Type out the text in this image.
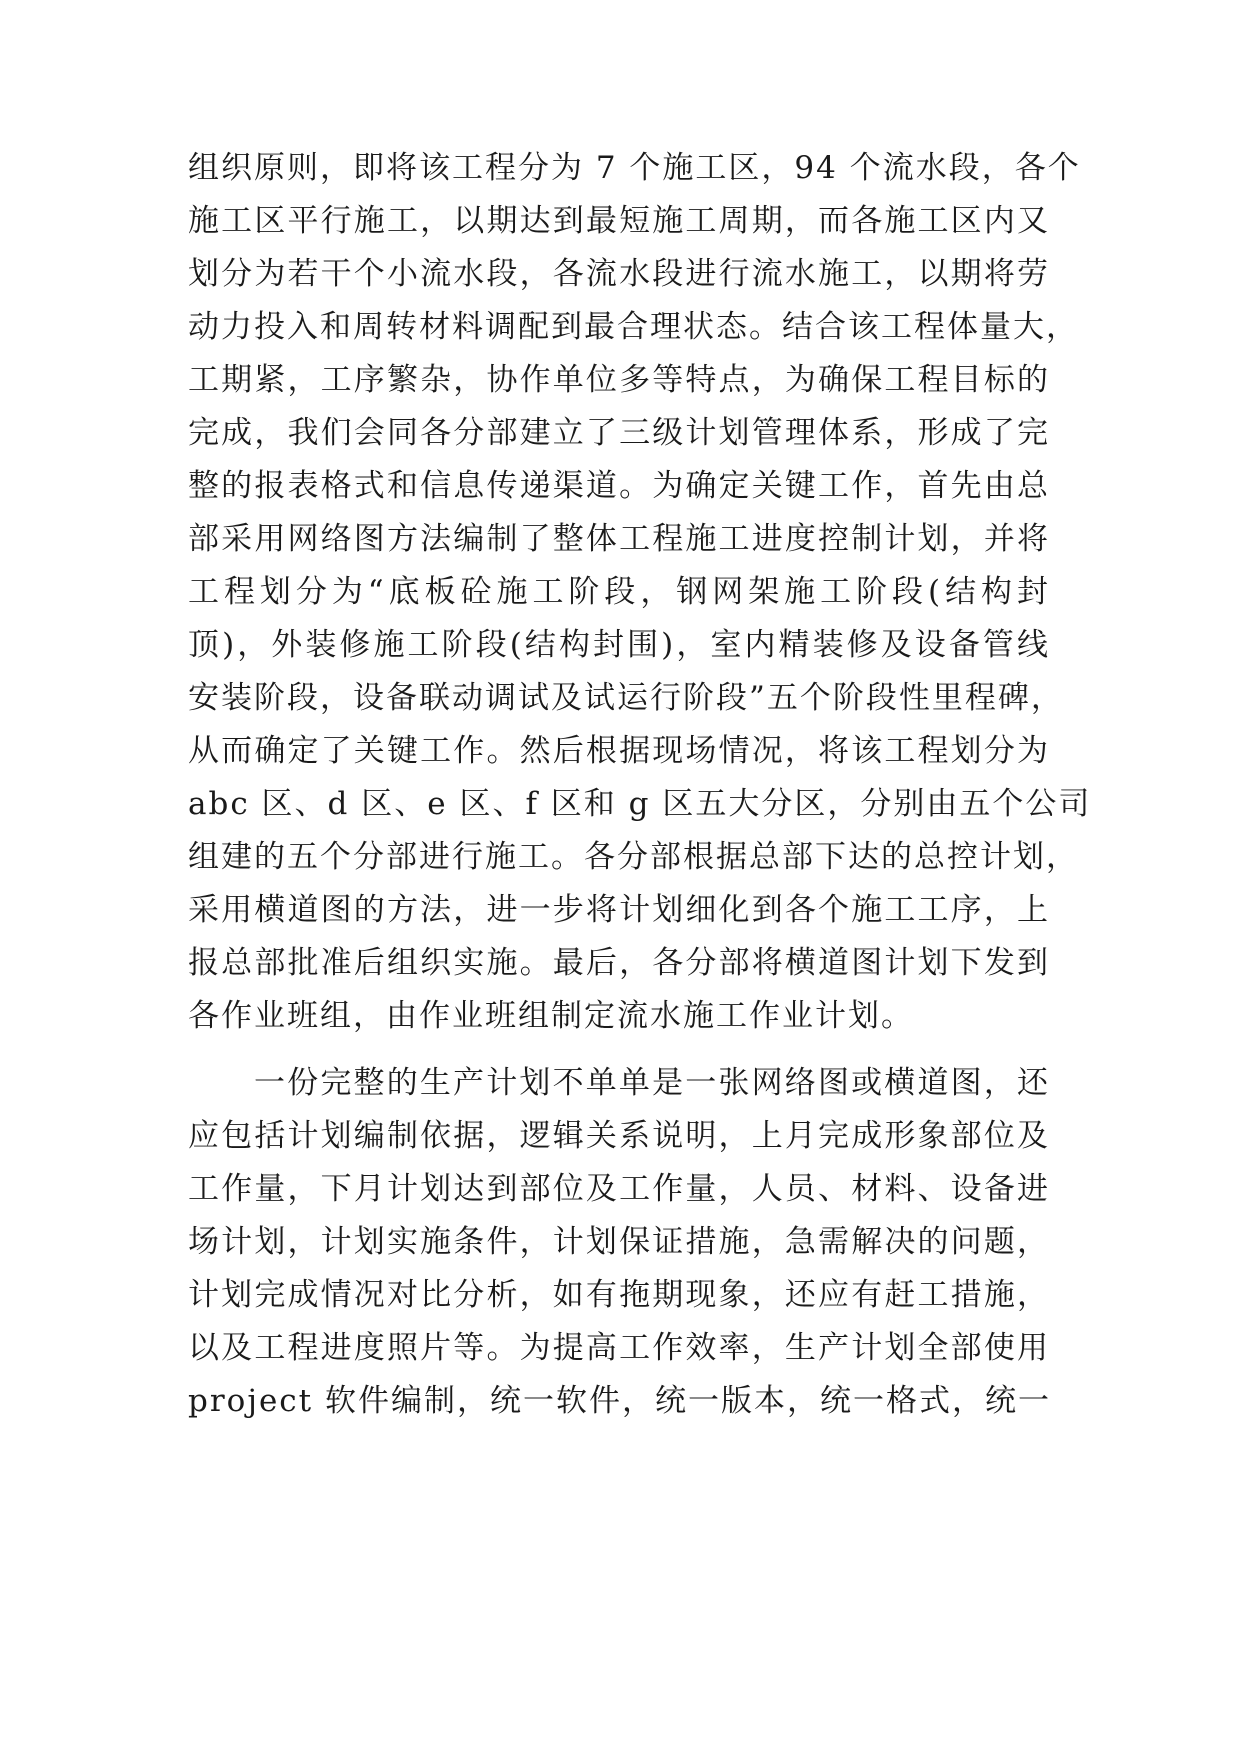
组织原则，即将该工程分为 7 个施工区，94 个流水段，各个
施工区平行施工，以期达到最短施工周期，而各施工区内又
划分为若干个小流水段，各流水段进行流水施工，以期将劳
动力投入和周转材料调配到最合理状态。结合该工程体量大，
工期紧，工序繁杂，协作单位多等特点，为确保工程目标的
完成，我们会同各分部建立了三级计划管理体系，形成了完
整的报表格式和信息传递渠道。为确定关键工作，首先由总
部采用网络图方法编制了整体工程施工进度控制计划，并将
工程划分为“底板砼施工阶段，钢网架施工阶段(结构封
顶)，外装修施工阶段(结构封围)，室内精装修及设备管线
安装阶段，设备联动调试及试运行阶段”五个阶段性里程碑，
从而确定了关键工作。然后根据现场情况，将该工程划分为
abc 区、d 区、e 区、f 区和 g 区五大分区，分别由五个公司
组建的五个分部进行施工。各分部根据总部下达的总控计划，
采用横道图的方法，进一步将计划细化到各个施工工序，上
报总部批准后组织实施。最后，各分部将横道图计划下发到
各作业班组，由作业班组制定流水施工作业计划。
一份完整的生产计划不单单是一张网络图或横道图，还
应包括计划编制依据，逻辑关系说明，上月完成形象部位及
工作量，下月计划达到部位及工作量，人员、材料、设备进
场计划，计划实施条件，计划保证措施，急需解决的问题，
计划完成情况对比分析，如有拖期现象，还应有赶工措施，
以及工程进度照片等。为提高工作效率，生产计划全部使用
project 软件编制，统一软件，统一版本，统一格式，统一
